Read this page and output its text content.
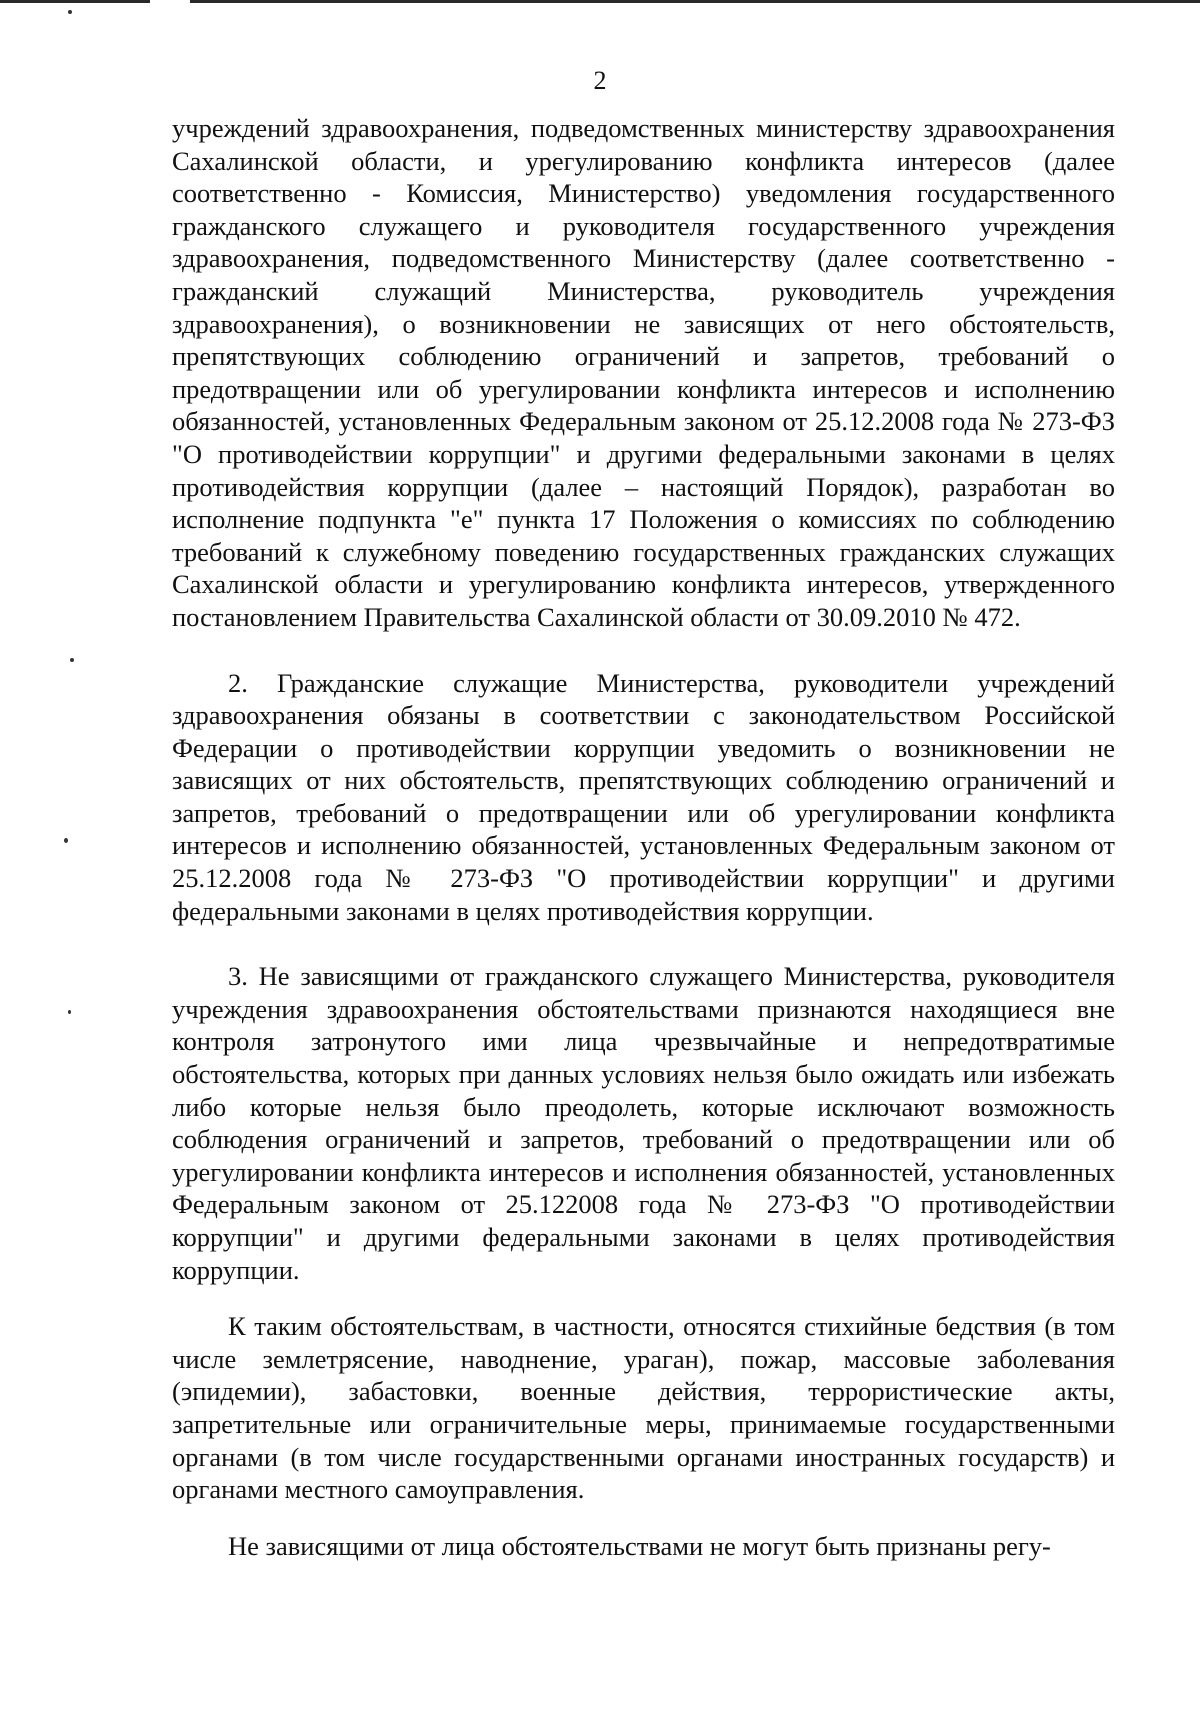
2

учреждений здравоохранения, подведомственных министерству здравоохранения Сахалинской области, и урегулированию конфликта интересов (далее соответственно - Комиссия, Министерство) уведомления государственного гражданского служащего и руководителя государственного учреждения здравоохранения, подведомственного Министерству (далее соответственно - гражданский служащий Министерства, руководитель учреждения здравоохранения), о возникновении не зависящих от него обстоятельств, препятствующих соблюдению ограничений и запретов, требований о предотвращении или об урегулировании конфликта интересов и исполнению обязанностей, установленных Федеральным законом от 25.12.2008 года № 273-ФЗ "О противодействии коррупции" и другими федеральными законами в целях противодействия коррупции (далее – настоящий Порядок), разработан во исполнение подпункта "е" пункта 17 Положения о комиссиях по соблюдению требований к служебному поведению государственных гражданских служащих Сахалинской области и урегулированию конфликта интересов, утвержденного постановлением Правительства Сахалинской области от 30.09.2010 № 472.

2. Гражданские служащие Министерства, руководители учреждений здравоохранения обязаны в соответствии с законодательством Российской Федерации о противодействии коррупции уведомить о возникновении не зависящих от них обстоятельств, препятствующих соблюдению ограничений и запретов, требований о предотвращении или об урегулировании конфликта интересов и исполнению обязанностей, установленных Федеральным законом от 25.12.2008 года № 273-ФЗ "О противодействии коррупции" и другими федеральными законами в целях противодействия коррупции.

3. Не зависящими от гражданского служащего Министерства, руководителя учреждения здравоохранения обстоятельствами признаются находящиеся вне контроля затронутого ими лица чрезвычайные и непредотвратимые обстоятельства, которых при данных условиях нельзя было ожидать или избежать либо которые нельзя было преодолеть, которые исключают возможность соблюдения ограничений и запретов, требований о предотвращении или об урегулировании конфликта интересов и исполнения обязанностей, установленных Федеральным законом от 25.122008 года № 273-ФЗ "О противодействии коррупции" и другими федеральными законами в целях противодействия коррупции.

К таким обстоятельствам, в частности, относятся стихийные бедствия (в том числе землетрясение, наводнение, ураган), пожар, массовые заболевания (эпидемии), забастовки, военные действия, террористические акты, запретительные или ограничительные меры, принимаемые государственными органами (в том числе государственными органами иностранных государств) и органами местного самоуправления.

Не зависящими от лица обстоятельствами не могут быть признаны регу-
